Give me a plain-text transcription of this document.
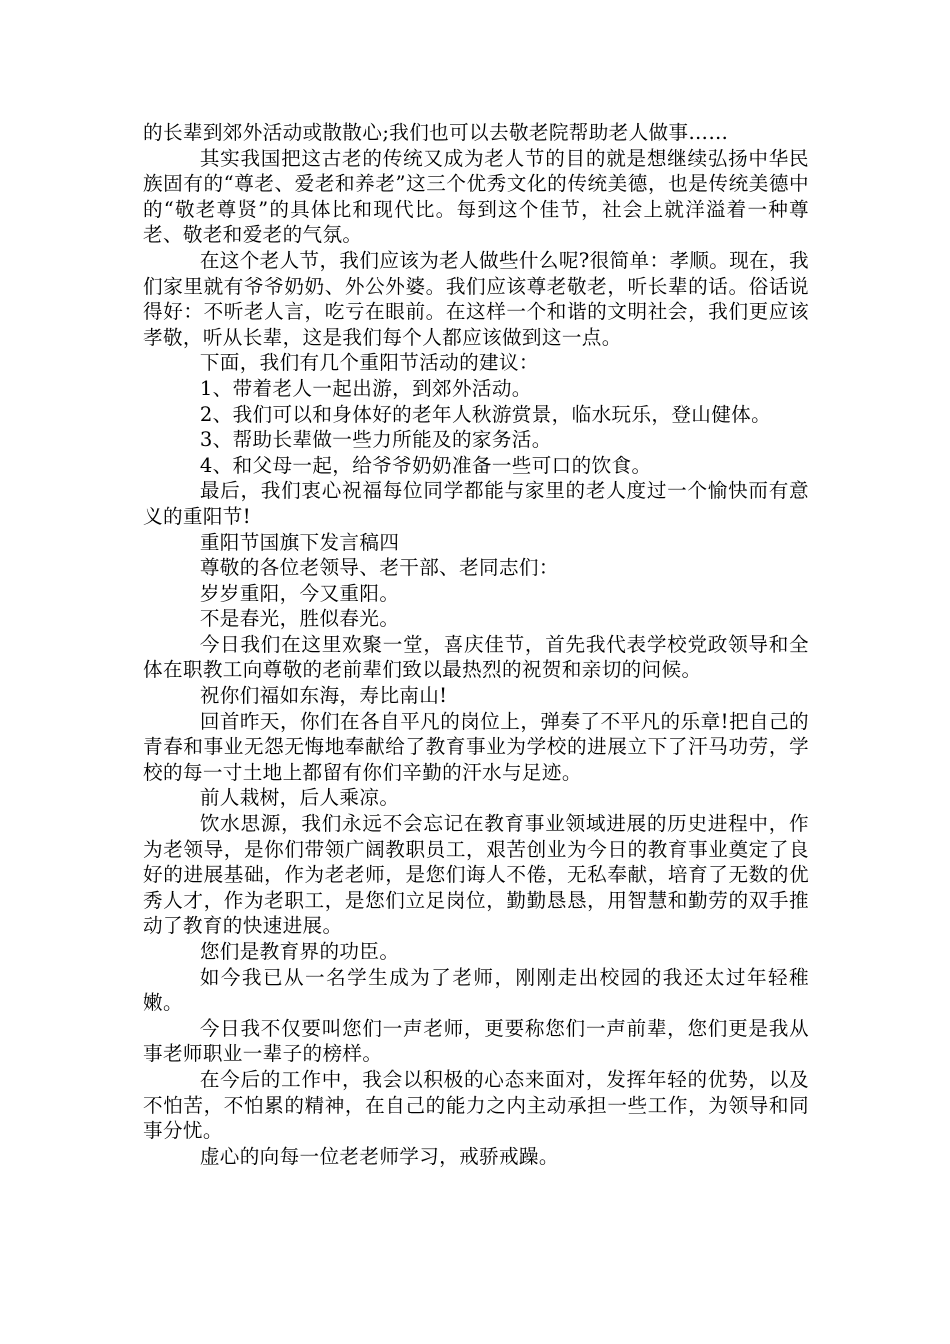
的长辈到郊外活动或散散心;我们也可以去敬老院帮助老人做事……

其实我国把这古老的传统又成为老人节的目的就是想继续弘扬中华民族固有的“尊老、爱老和养老”这三个优秀文化的传统美德，也是传统美德中的“敬老尊贤”的具体比和现代比。每到这个佳节，社会上就洋溢着一种尊老、敬老和爱老的气氛。

在这个老人节，我们应该为老人做些什么呢?很简单：孝顺。现在，我们家里就有爷爷奶奶、外公外婆。我们应该尊老敬老，听长辈的话。俗话说得好：不听老人言，吃亏在眼前。在这样一个和谐的文明社会，我们更应该孝敬，听从长辈，这是我们每个人都应该做到这一点。

下面，我们有几个重阳节活动的建议：

1、带着老人一起出游，到郊外活动。

2、我们可以和身体好的老年人秋游赏景，临水玩乐，登山健体。

3、帮助长辈做一些力所能及的家务活。

4、和父母一起，给爷爷奶奶准备一些可口的饮食。

最后，我们衷心祝福每位同学都能与家里的老人度过一个愉快而有意义的重阳节!

重阳节国旗下发言稿四

尊敬的各位老领导、老干部、老同志们：

岁岁重阳，今又重阳。

不是春光，胜似春光。

今日我们在这里欢聚一堂，喜庆佳节，首先我代表学校党政领导和全体在职教工向尊敬的老前辈们致以最热烈的祝贺和亲切的问候。

祝你们福如东海，寿比南山!

回首昨天，你们在各自平凡的岗位上，弹奏了不平凡的乐章!把自己的青春和事业无怨无悔地奉献给了教育事业为学校的进展立下了汗马功劳，学校的每一寸土地上都留有你们辛勤的汗水与足迹。

前人栽树，后人乘凉。

饮水思源，我们永远不会忘记在教育事业领域进展的历史进程中，作为老领导，是你们带领广阔教职员工，艰苦创业为今日的教育事业奠定了良好的进展基础，作为老老师，是您们诲人不倦，无私奉献，培育了无数的优秀人才，作为老职工，是您们立足岗位，勤勤恳恳，用智慧和勤劳的双手推动了教育的快速进展。

您们是教育界的功臣。

如今我已从一名学生成为了老师，刚刚走出校园的我还太过年轻稚嫩。

今日我不仅要叫您们一声老师，更要称您们一声前辈，您们更是我从事老师职业一辈子的榜样。

在今后的工作中，我会以积极的心态来面对，发挥年轻的优势，以及不怕苦，不怕累的精神，在自己的能力之内主动承担一些工作，为领导和同事分忧。

虚心的向每一位老老师学习，戒骄戒躁。
